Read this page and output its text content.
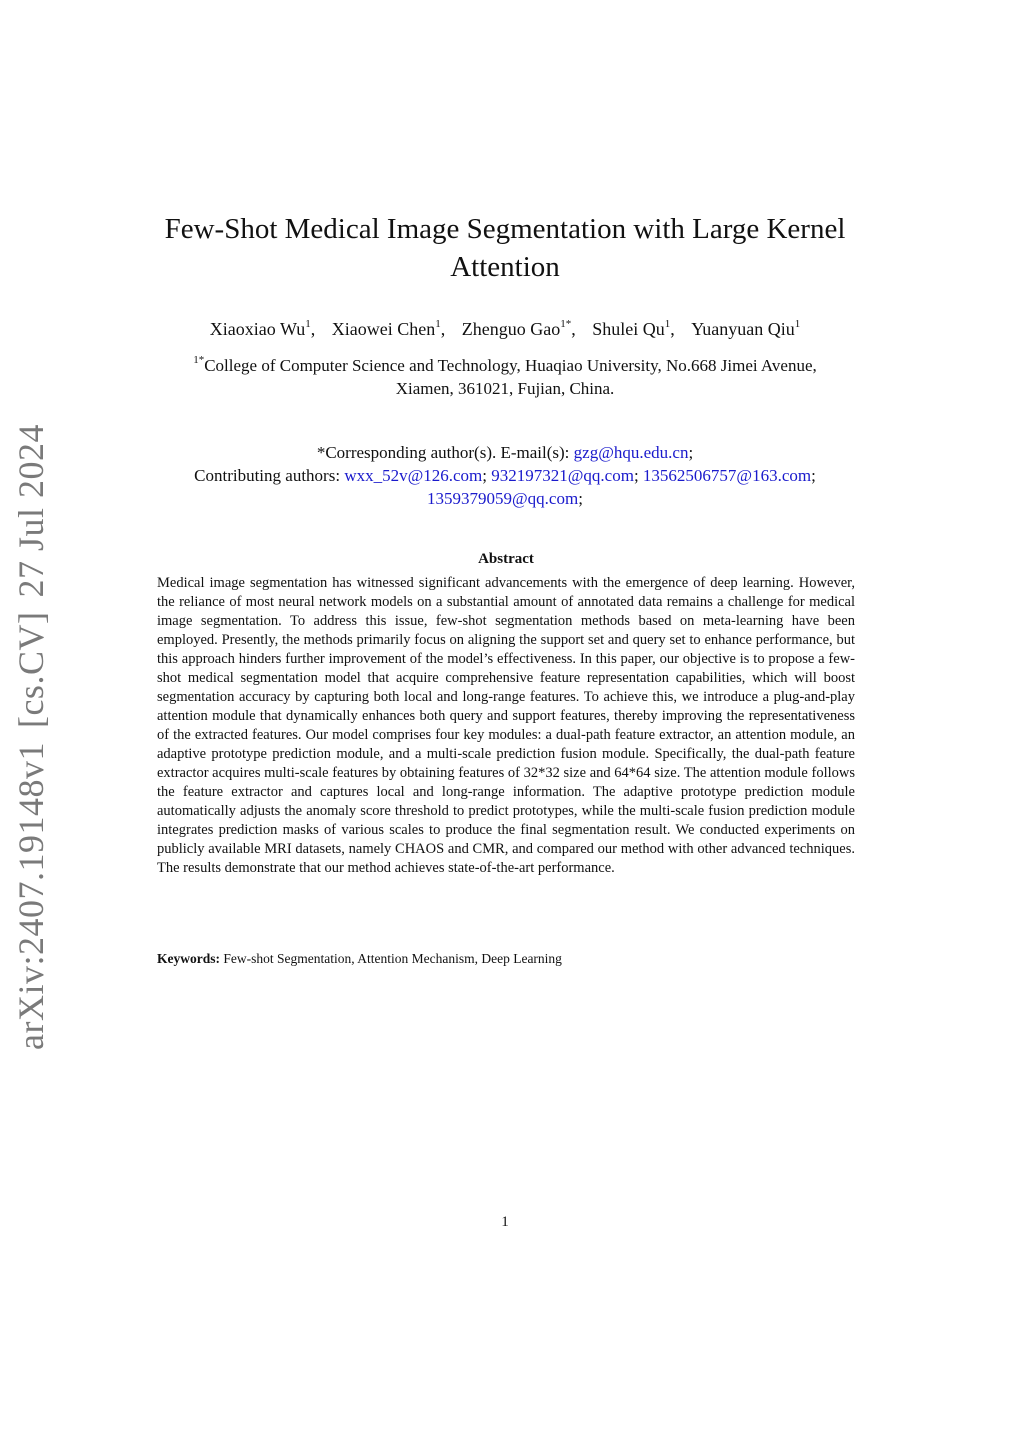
arXiv:2407.19148v1[cs.CV]27 Jul 2024
Few-Shot Medical Image Segmentation with Large Kernel
Attention
Xiaoxiao Wu$^1$, Xiaowei Chen$^1$, Zhenguo Gao$^{1*}$, Shulei Qu$^1$, Yuanyuan Qiu$^1$
$^{1*}$College of Computer Science and Technology, Huaqiao University, No.668 Jimei Avenue,
Xiamen, 361021, Fujian, China.
*Corresponding author(s). E-mail(s): gzg@hqu.edu.cn;
Contributing authors: wxx_52v@126.com; 932197321@qq.com; 13562506757@163.com;
1359379059@qq.com;
Abstract

Medical image segmentation has witnessed significant advancements with the emergence of deep learning. However, the reliance of most neural network models on a substantial amount of annotated data remains a challenge for medical image segmentation. To address this issue, few-shot segmentation methods based on meta-learning have been employed. Presently, the methods primarily focus on aligning the support set and query set to enhance performance, but this approach hinders further improvement of the model’s effectiveness. In this paper, our objective is to propose a few-shot medical segmentation model that acquire comprehensive feature representation capabilities, which will boost segmentation accuracy by capturing both local and long-range features. To achieve this, we introduce a plug-and-play attention module that dynamically enhances both query and support features, thereby improving the representativeness of the extracted features. Our model comprises four key modules: a dual-path feature extractor, an attention module, an adaptive prototype prediction module, and a multi-scale prediction fusion module. Specifically, the dual-path feature extractor acquires multi-scale features by obtaining features of 32*32 size and 64*64 size. The attention module follows the feature extractor and captures local and long-range information. The adaptive prototype prediction module automatically adjusts the anomaly score threshold to predict prototypes, while the multi-scale fusion prediction module integrates prediction masks of various scales to produce the final segmentation result. We conducted experiments on publicly available MRI datasets, namely CHAOS and CMR, and compared our method with other advanced techniques. The results demonstrate that our method achieves state-of-the-art performance.

Keywords: Few-shot Segmentation, Attention Mechanism, Deep Learning
1
